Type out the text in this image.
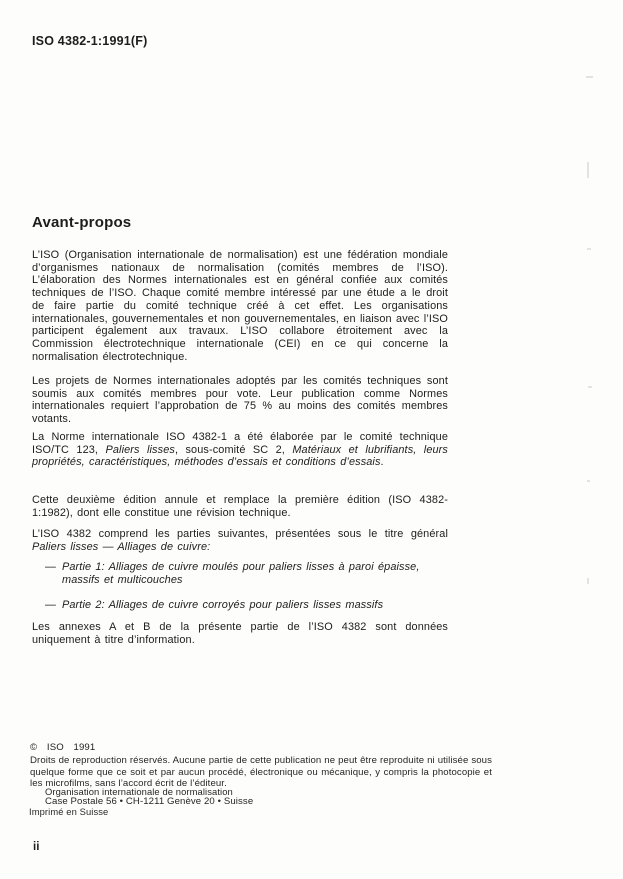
ISO 4382-1:1991(F)
Avant-propos

L’ISO (Organisation internationale de normalisation) est une fédération mondiale d’organismes nationaux de normalisation (comités membres de l’ISO). L’élaboration des Normes internationales est en général confiée aux comités techniques de l’ISO. Chaque comité membre intéressé par une étude a le droit de faire partie du comité technique créé à cet effet. Les organisations internationales, gouvernementales et non gouvernementales, en liaison avec l’ISO participent également aux travaux. L’ISO collabore étroitement avec la Commission électrotechnique internationale (CEI) en ce qui concerne la normalisation électrotechnique.

Les projets de Normes internationales adoptés par les comités techniques sont soumis aux comités membres pour vote. Leur publication comme Normes internationales requiert l’approbation de 75 % au moins des comités membres votants.

La Norme internationale ISO 4382-1 a été élaborée par le comité technique ISO/TC 123, Paliers lisses, sous-comité SC 2, Matériaux et lubrifiants, leurs propriétés, caractéristiques, méthodes d’essais et conditions d’essais.

Cette deuxième édition annule et remplace la première édition (ISO 4382-1:1982), dont elle constitue une révision technique.

L’ISO 4382 comprend les parties suivantes, présentées sous le titre général Paliers lisses — Alliages de cuivre:

— Partie 1: Alliages de cuivre moulés pour paliers lisses à paroi épaisse, massifs et multicouches
— Partie 2: Alliages de cuivre corroyés pour paliers lisses massifs

Les annexes A et B de la présente partie de l’ISO 4382 sont données uniquement à titre d’information.

© ISO 1991

Droits de reproduction réservés. Aucune partie de cette publication ne peut être reproduite ni utilisée sous quelque forme que ce soit et par aucun procédé, électronique ou mécanique, y compris la photocopie et les microfilms, sans l’accord écrit de l’éditeur.

Organisation internationale de normalisation
Case Postale 56 • CH-1211 Genève 20 • Suisse
Imprimé en Suisse
ii
